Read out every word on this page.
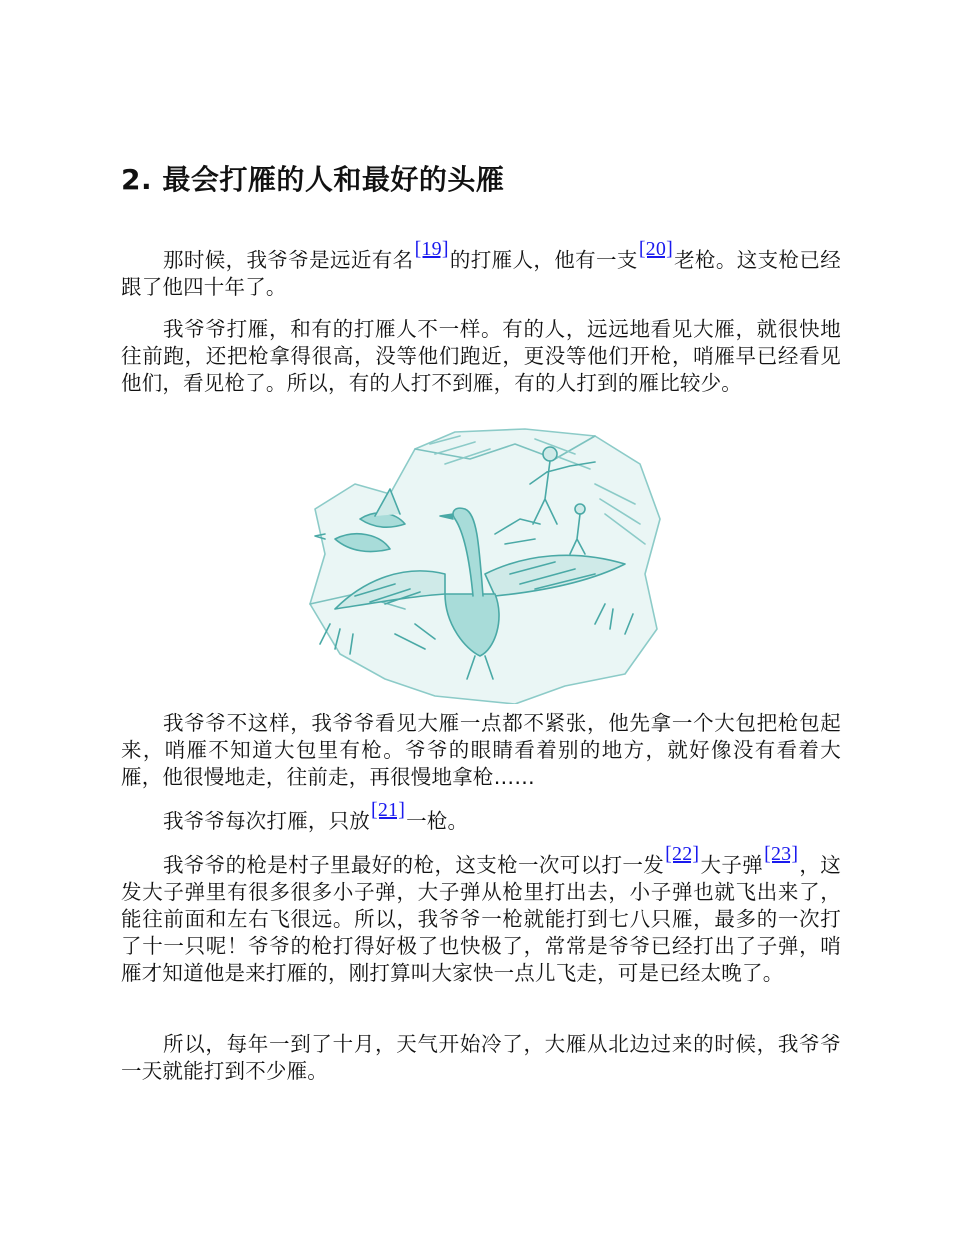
2. 最会打雁的人和最好的头雁

那时候，我爷爷是远近有名[19]的打雁人，他有一支[20]老枪。这支枪已经跟了他四十年了。

我爷爷打雁，和有的打雁人不一样。有的人，远远地看见大雁，就很快地往前跑，还把枪拿得很高，没等他们跑近，更没等他们开枪，哨雁早已经看见他们，看见枪了。所以，有的人打不到雁，有的人打到的雁比较少。

我爷爷不这样，我爷爷看见大雁一点都不紧张，他先拿一个大包把枪包起来，哨雁不知道大包里有枪。爷爷的眼睛看着别的地方，就好像没有看着大雁，他很慢地走，往前走，再很慢地拿枪……

我爷爷每次打雁，只放[21]一枪。

我爷爷的枪是村子里最好的枪，这支枪一次可以打一发[22]大子弹[23]，这发大子弹里有很多很多小子弹，大子弹从枪里打出去，小子弹也就飞出来了，能往前面和左右飞很远。所以，我爷爷一枪就能打到七八只雁，最多的一次打了十一只呢！爷爷的枪打得好极了也快极了，常常是爷爷已经打出了子弹，哨雁才知道他是来打雁的，刚打算叫大家快一点儿飞走，可是已经太晚了。

所以，每年一到了十月，天气开始冷了，大雁从北边过来的时候，我爷爷一天就能打到不少雁。
